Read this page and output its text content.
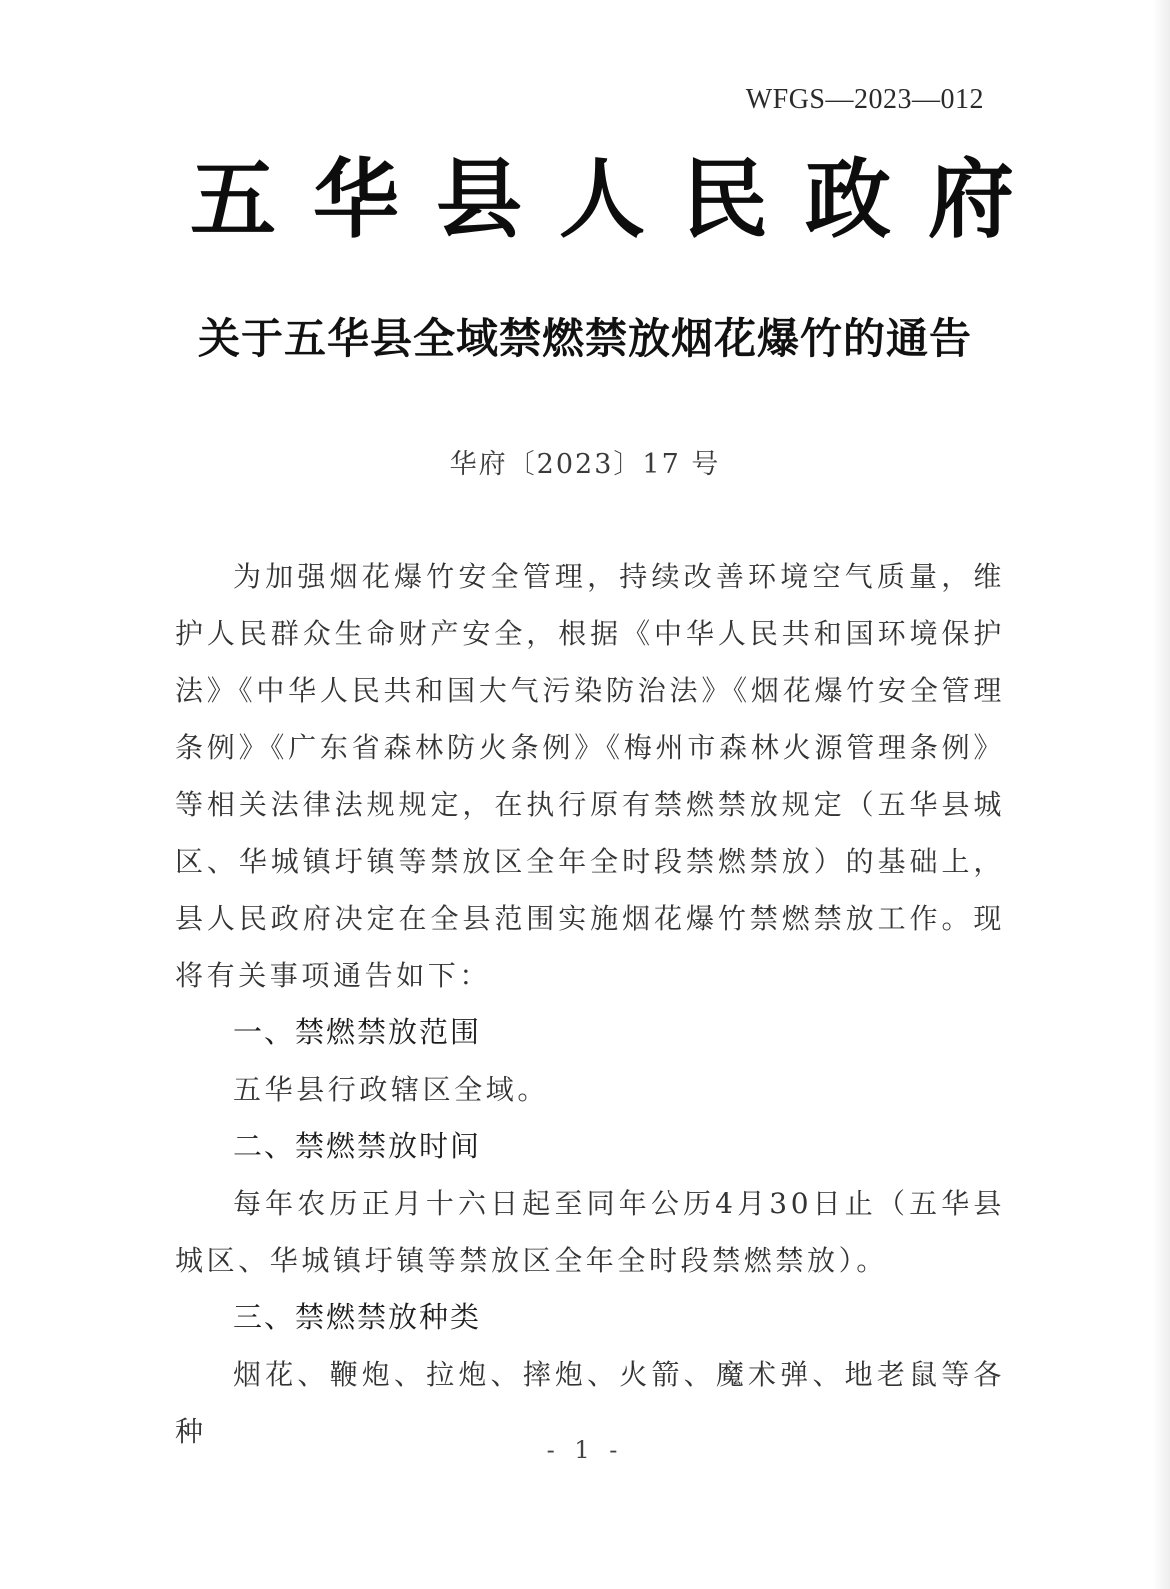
WFGS—2023—012
五华县人民政府
关于五华县全域禁燃禁放烟花爆竹的通告
华府〔2023〕17 号

为加强烟花爆竹安全管理，持续改善环境空气质量，维护人民群众生命财产安全，根据《中华人民共和国环境保护法》《中华人民共和国大气污染防治法》《烟花爆竹安全管理条例》《广东省森林防火条例》《梅州市森林火源管理条例》等相关法律法规规定，在执行原有禁燃禁放规定（五华县城区、华城镇圩镇等禁放区全年全时段禁燃禁放）的基础上，县人民政府决定在全县范围实施烟花爆竹禁燃禁放工作。现将有关事项通告如下：

一、禁燃禁放范围

五华县行政辖区全域。

二、禁燃禁放时间

每年农历正月十六日起至同年公历4月30日止（五华县城区、华城镇圩镇等禁放区全年全时段禁燃禁放）。

三、禁燃禁放种类

烟花、鞭炮、拉炮、摔炮、火箭、魔术弹、地老鼠等各种

- 1 -
